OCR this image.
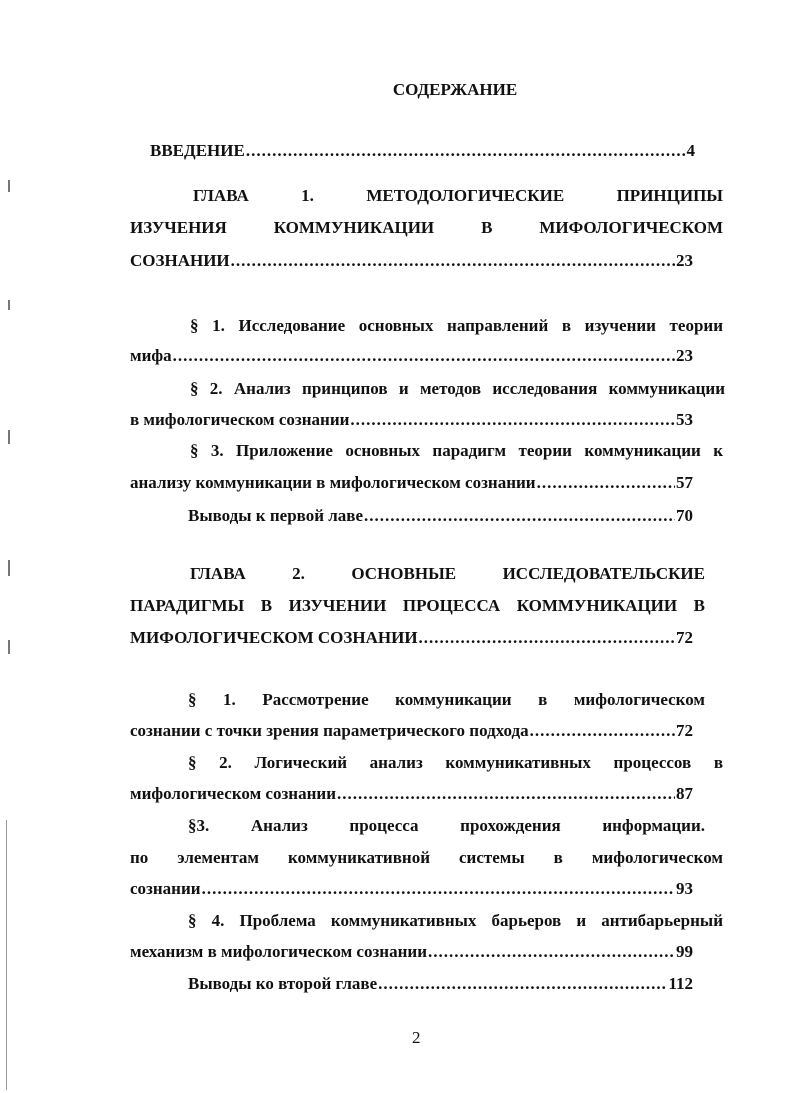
СОДЕРЖАНИЕ
ВВЕДЕНИЕ .....	4
ГЛАВА 1. МЕТОДОЛОГИЧЕСКИЕ ПРИНЦИПЫ
ИЗУЧЕНИЯ КОММУНИКАЦИИ В МИФОЛОГИЧЕСКОМ
СОЗНАНИИ .....	23
§ 1. Исследование основных направлений в изучении теории
мифа .....	23
§ 2. Анализ принципов и методов исследования коммуникации
в мифологическом сознании .....	53
§ 3. Приложение основных парадигм теории коммуникации к
анализу коммуникации в мифологическом сознании .....	57
Выводы к первой лаве .....	70
ГЛАВА 2. ОСНОВНЫЕ ИССЛЕДОВАТЕЛЬСКИЕ
ПАРАДИГМЫ В ИЗУЧЕНИИ ПРОЦЕССА КОММУНИКАЦИИ В
МИФОЛОГИЧЕСКОМ СОЗНАНИИ .....	72
§ 1. Рассмотрение коммуникации в мифологическом
сознании с точки зрения параметрического подхода .....	72
§ 2. Логический анализ коммуникативных процессов в
мифологическом сознании .....	87
§3. Анализ процесса прохождения информации.
по элементам коммуникативной системы в мифологическом
сознании .....	93
§ 4. Проблема коммуникативных барьеров и антибарьерный
механизм в мифологическом сознании .....	99
Выводы ко второй главе .....	112
2
